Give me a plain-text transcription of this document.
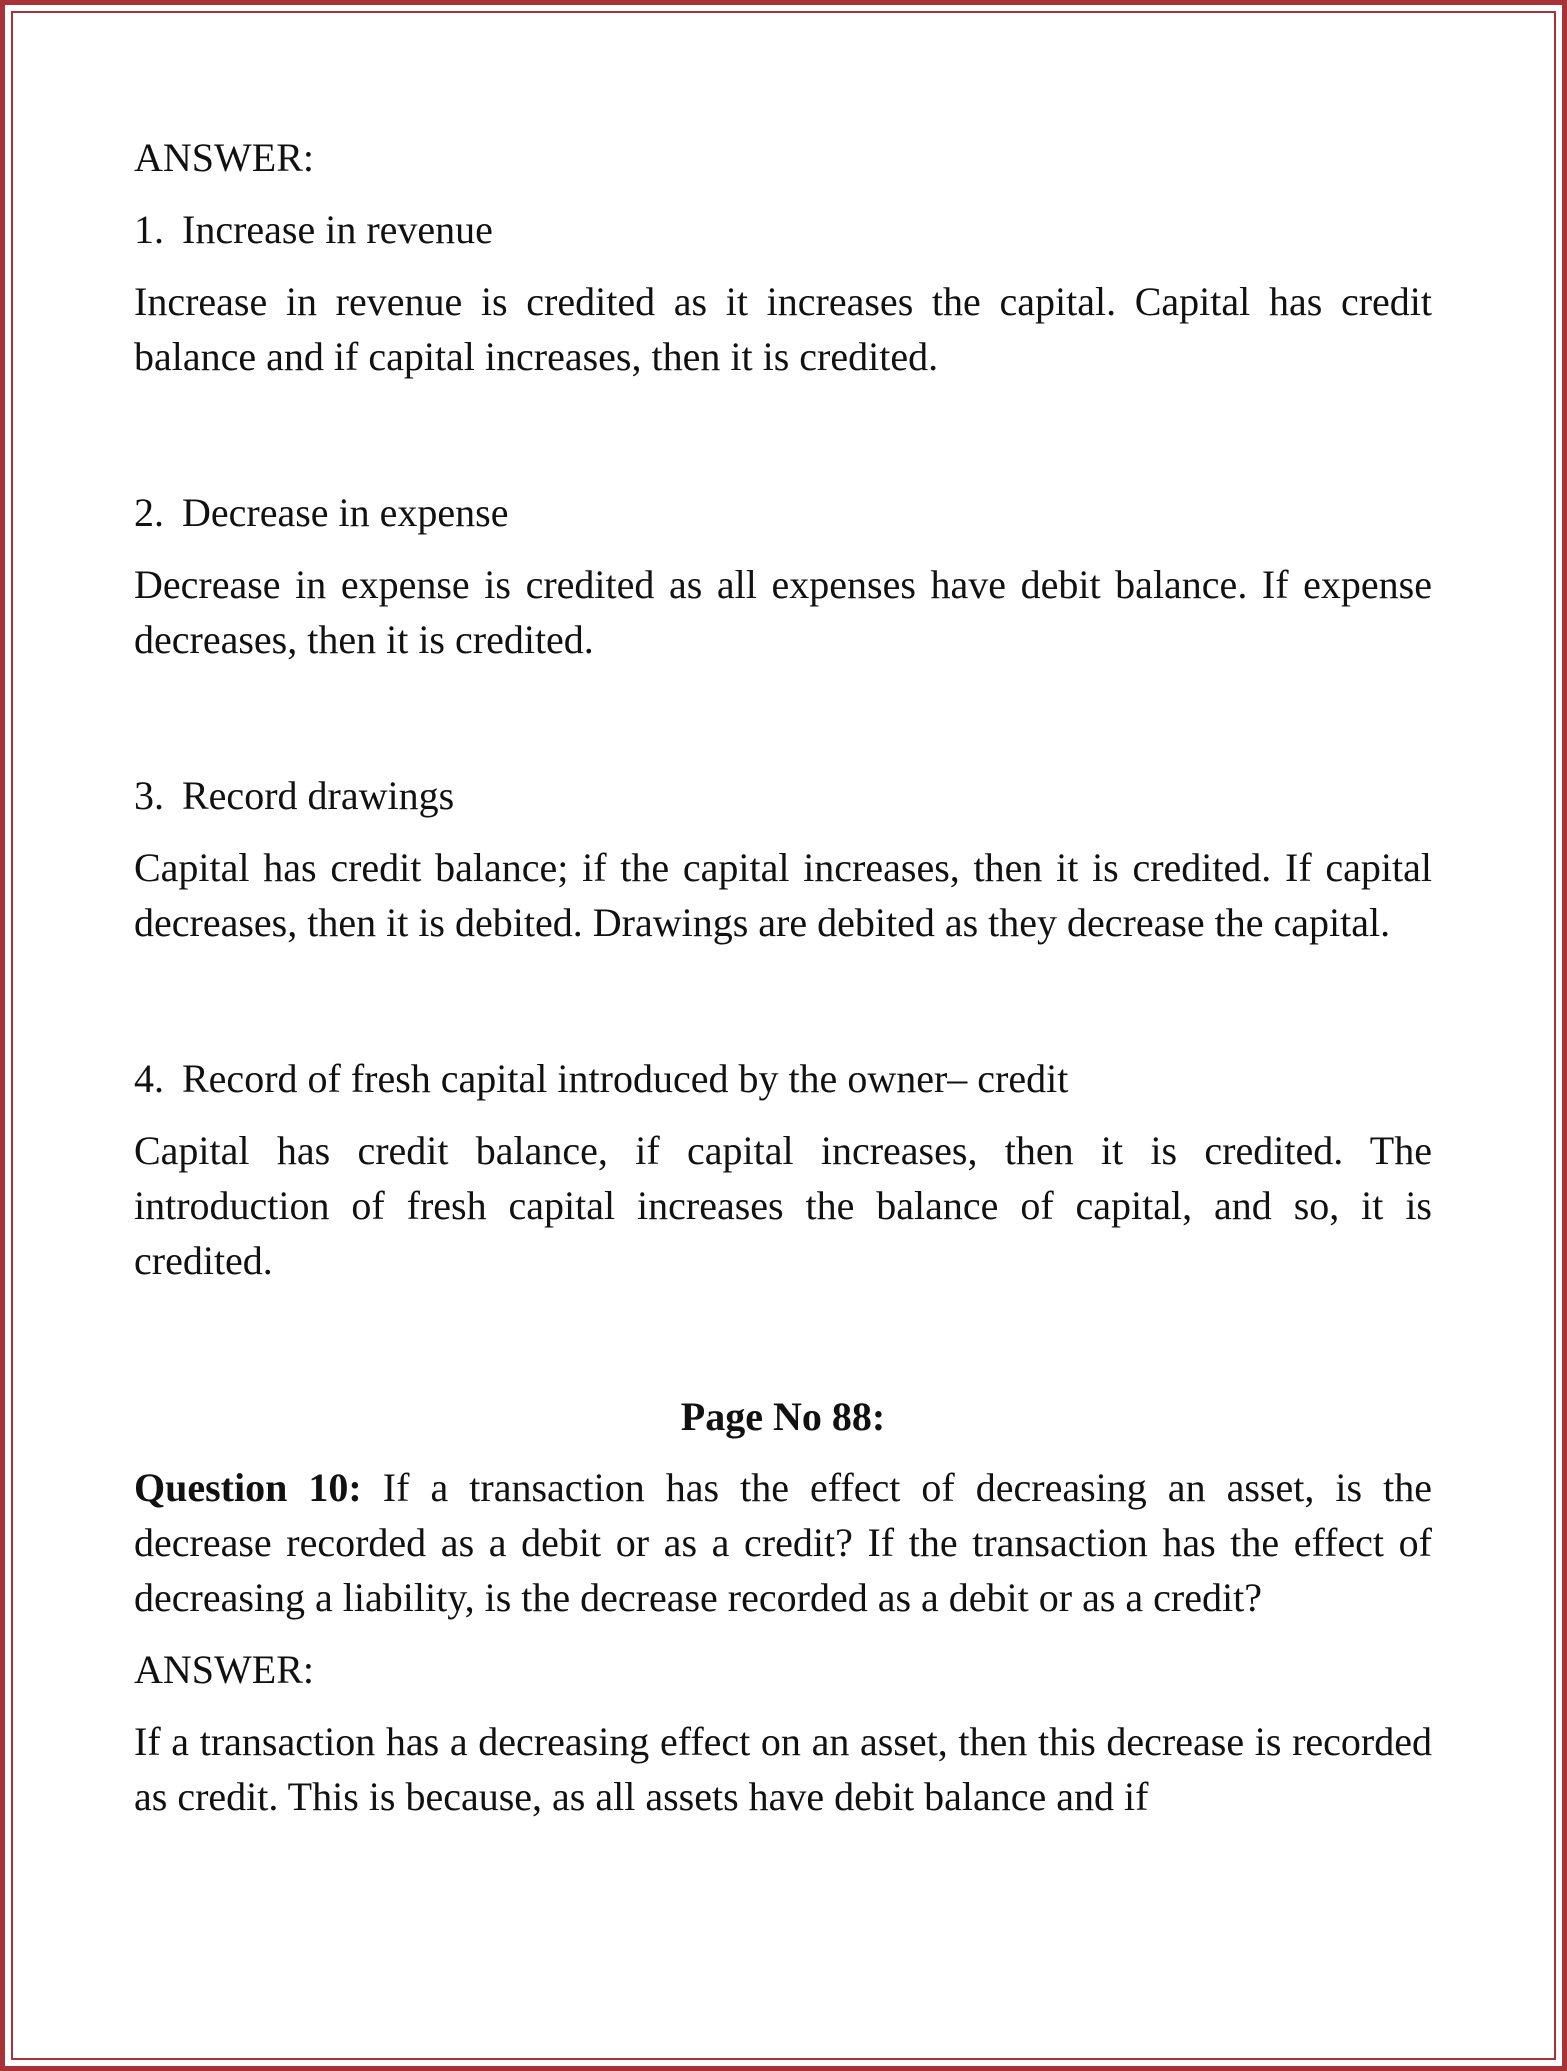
ANSWER:

1. Increase in revenue

Increase in revenue is credited as it increases the capital. Capital has credit balance and if capital increases, then it is credited.

2. Decrease in expense

Decrease in expense is credited as all expenses have debit balance. If expense decreases, then it is credited.

3. Record drawings

Capital has credit balance; if the capital increases, then it is credited. If capital decreases, then it is debited. Drawings are debited as they decrease the capital.

4. Record of fresh capital introduced by the owner– credit

Capital has credit balance, if capital increases, then it is credited. The introduction of fresh capital increases the balance of capital, and so, it is credited.

Page No 88:

Question 10: If a transaction has the effect of decreasing an asset, is the decrease recorded as a debit or as a credit? If the transaction has the effect of decreasing a liability, is the decrease recorded as a debit or as a credit?

ANSWER:

If a transaction has a decreasing effect on an asset, then this decrease is recorded as credit. This is because, as all assets have debit balance and if
